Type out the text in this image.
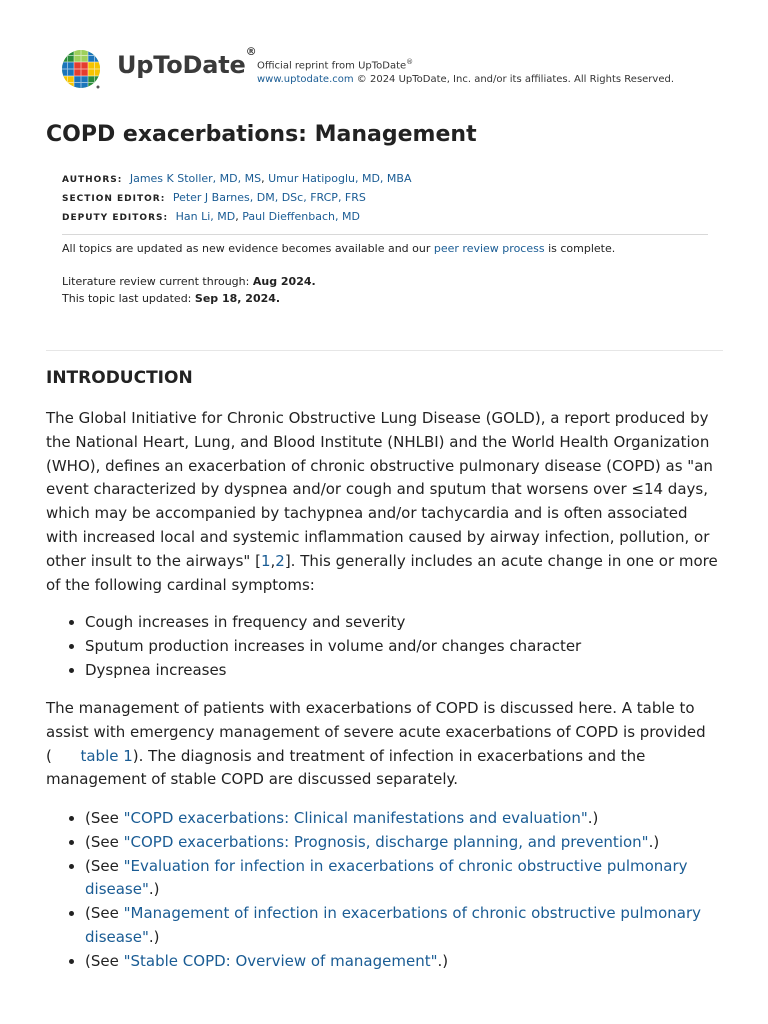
UpToDate®
Official reprint from UpToDate®
www.uptodate.com © 2024 UpToDate, Inc. and/or its affiliates. All Rights Reserved.
COPD exacerbations: Management
AUTHORS: James K Stoller, MD, MS, Umur Hatipoglu, MD, MBA
SECTION EDITOR: Peter J Barnes, DM, DSc, FRCP, FRS
DEPUTY EDITORS: Han Li, MD, Paul Dieffenbach, MD
All topics are updated as new evidence becomes available and our peer review process is complete.
Literature review current through: Aug 2024.
This topic last updated: Sep 18, 2024.
INTRODUCTION

The Global Initiative for Chronic Obstructive Lung Disease (GOLD), a report produced by the National Heart, Lung, and Blood Institute (NHLBI) and the World Health Organization (WHO), defines an exacerbation of chronic obstructive pulmonary disease (COPD) as "an event characterized by dyspnea and/or cough and sputum that worsens over ≤14 days, which may be accompanied by tachypnea and/or tachycardia and is often associated with increased local and systemic inflammation caused by airway infection, pollution, or other insult to the airways" [1,2]. This generally includes an acute change in one or more of the following cardinal symptoms:

• Cough increases in frequency and severity
• Sputum production increases in volume and/or changes character
• Dyspnea increases

The management of patients with exacerbations of COPD is discussed here. A table to assist with emergency management of severe acute exacerbations of COPD is provided ( table 1). The diagnosis and treatment of infection in exacerbations and the management of stable COPD are discussed separately.

• (See "COPD exacerbations: Clinical manifestations and evaluation".)
• (See "COPD exacerbations: Prognosis, discharge planning, and prevention".)
• (See "Evaluation for infection in exacerbations of chronic obstructive pulmonary disease".)
• (See "Management of infection in exacerbations of chronic obstructive pulmonary disease".)
• (See "Stable COPD: Overview of management".)
